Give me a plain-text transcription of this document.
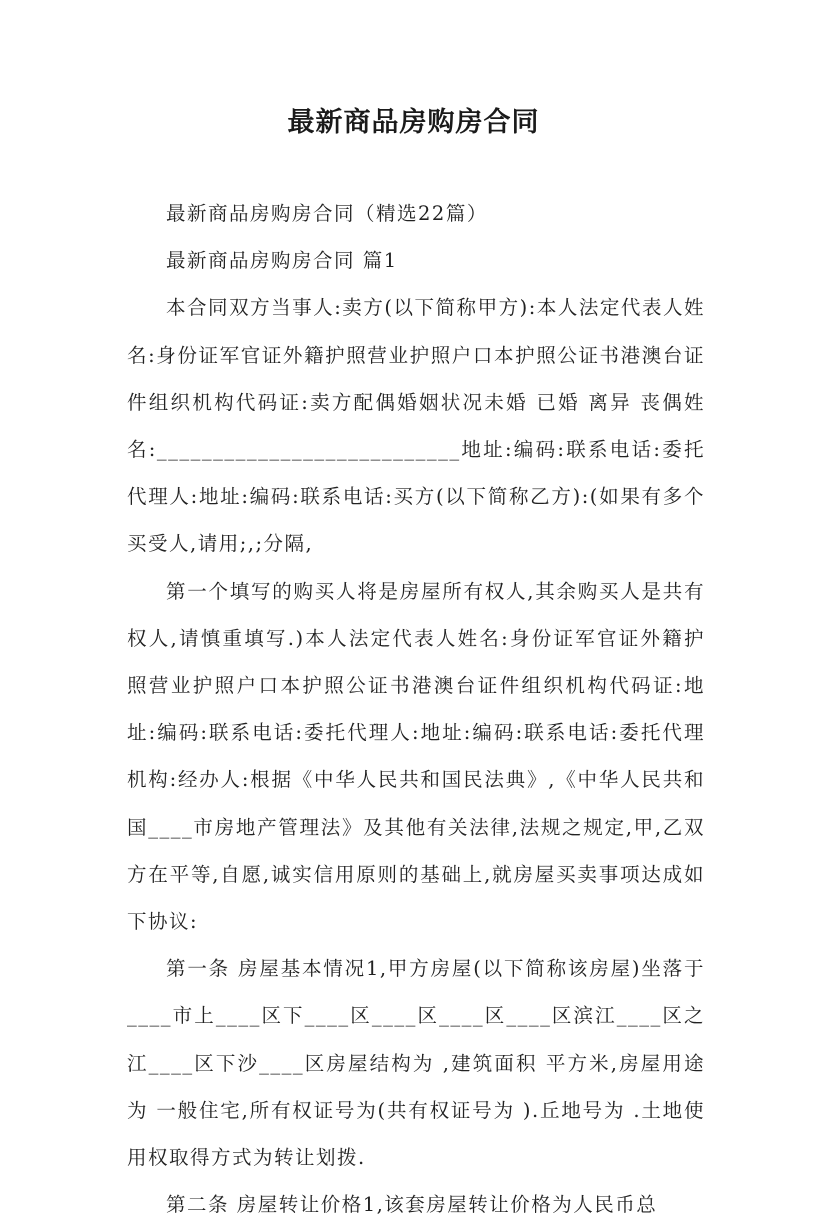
最新商品房购房合同

最新商品房购房合同（精选22篇）

最新商品房购房合同 篇1

本合同双方当事人:卖方(以下简称甲方):本人法定代表人姓名:身份证军官证外籍护照营业护照户口本护照公证书港澳台证件组织机构代码证:卖方配偶婚姻状况未婚 已婚 离异 丧偶姓名:___________________________地址:编码:联系电话:委托代理人:地址:编码:联系电话:买方(以下简称乙方):(如果有多个买受人,请用;,;分隔,

第一个填写的购买人将是房屋所有权人,其余购买人是共有权人,请慎重填写.)本人法定代表人姓名:身份证军官证外籍护照营业护照户口本护照公证书港澳台证件组织机构代码证:地址:编码:联系电话:委托代理人:地址:编码:联系电话:委托代理机构:经办人:根据《中华人民共和国民法典》,《中华人民共和国____市房地产管理法》及其他有关法律,法规之规定,甲,乙双方在平等,自愿,诚实信用原则的基础上,就房屋买卖事项达成如下协议:

第一条 房屋基本情况1,甲方房屋(以下简称该房屋)坐落于____市上____区下____区____区____区____区滨江____区之江____区下沙____区房屋结构为 ,建筑面积 平方米,房屋用途为 一般住宅,所有权证号为(共有权证号为 ).丘地号为 .土地使用权取得方式为转让划拨.

第二条 房屋转让价格1,该套房屋转让价格为人民币总
